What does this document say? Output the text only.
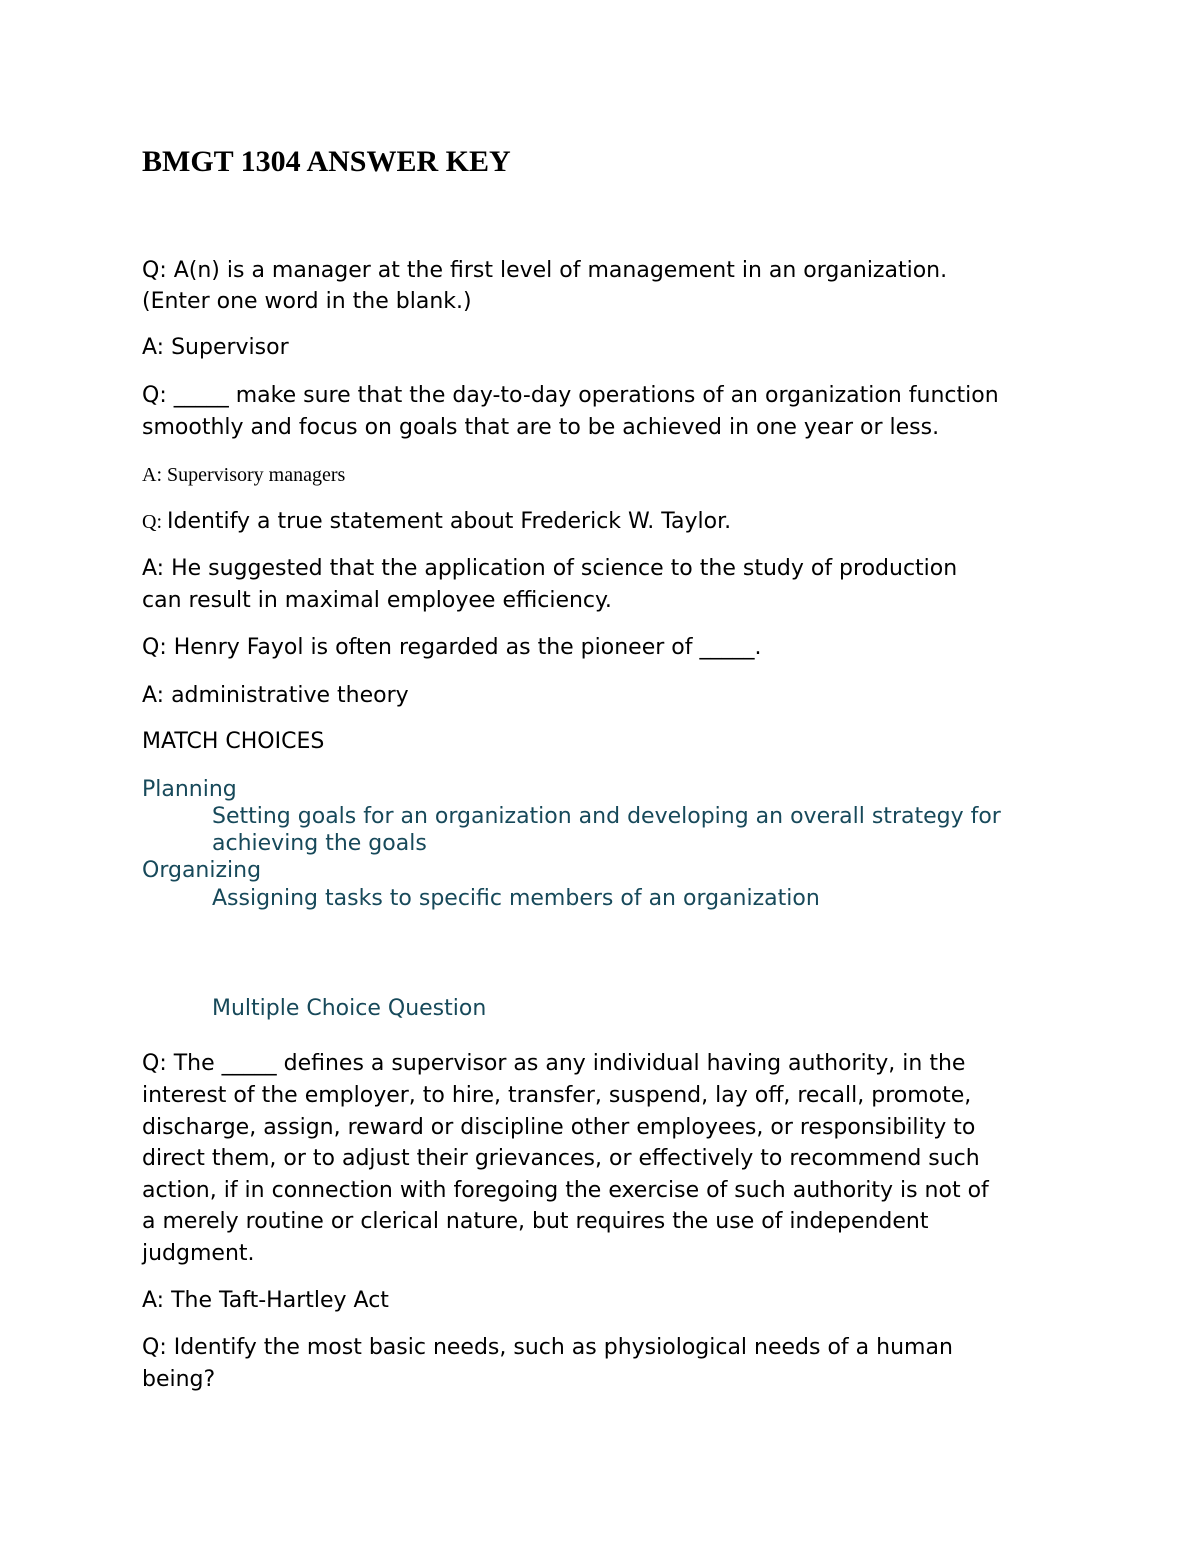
BMGT 1304 ANSWER KEY

Q: A(n) is a manager at the first level of management in an organization.

(Enter one word in the blank.)

A: Supervisor

Q: _____ make sure that the day-to-day operations of an organization function

smoothly and focus on goals that are to be achieved in one year or less.

A: Supervisory managers

Q: Identify a true statement about Frederick W. Taylor.

A: He suggested that the application of science to the study of production

can result in maximal employee efficiency.

Q: Henry Fayol is often regarded as the pioneer of _____.

A: administrative theory

MATCH CHOICES

Planning

Setting goals for an organization and developing an overall strategy for

achieving the goals

Organizing

Assigning tasks to specific members of an organization

Multiple Choice Question

Q: The _____ defines a supervisor as any individual having authority, in the

interest of the employer, to hire, transfer, suspend, lay off, recall, promote,

discharge, assign, reward or discipline other employees, or responsibility to

direct them, or to adjust their grievances, or effectively to recommend such

action, if in connection with foregoing the exercise of such authority is not of

a merely routine or clerical nature, but requires the use of independent

judgment.

A: The Taft-Hartley Act

Q: Identify the most basic needs, such as physiological needs of a human

being?
